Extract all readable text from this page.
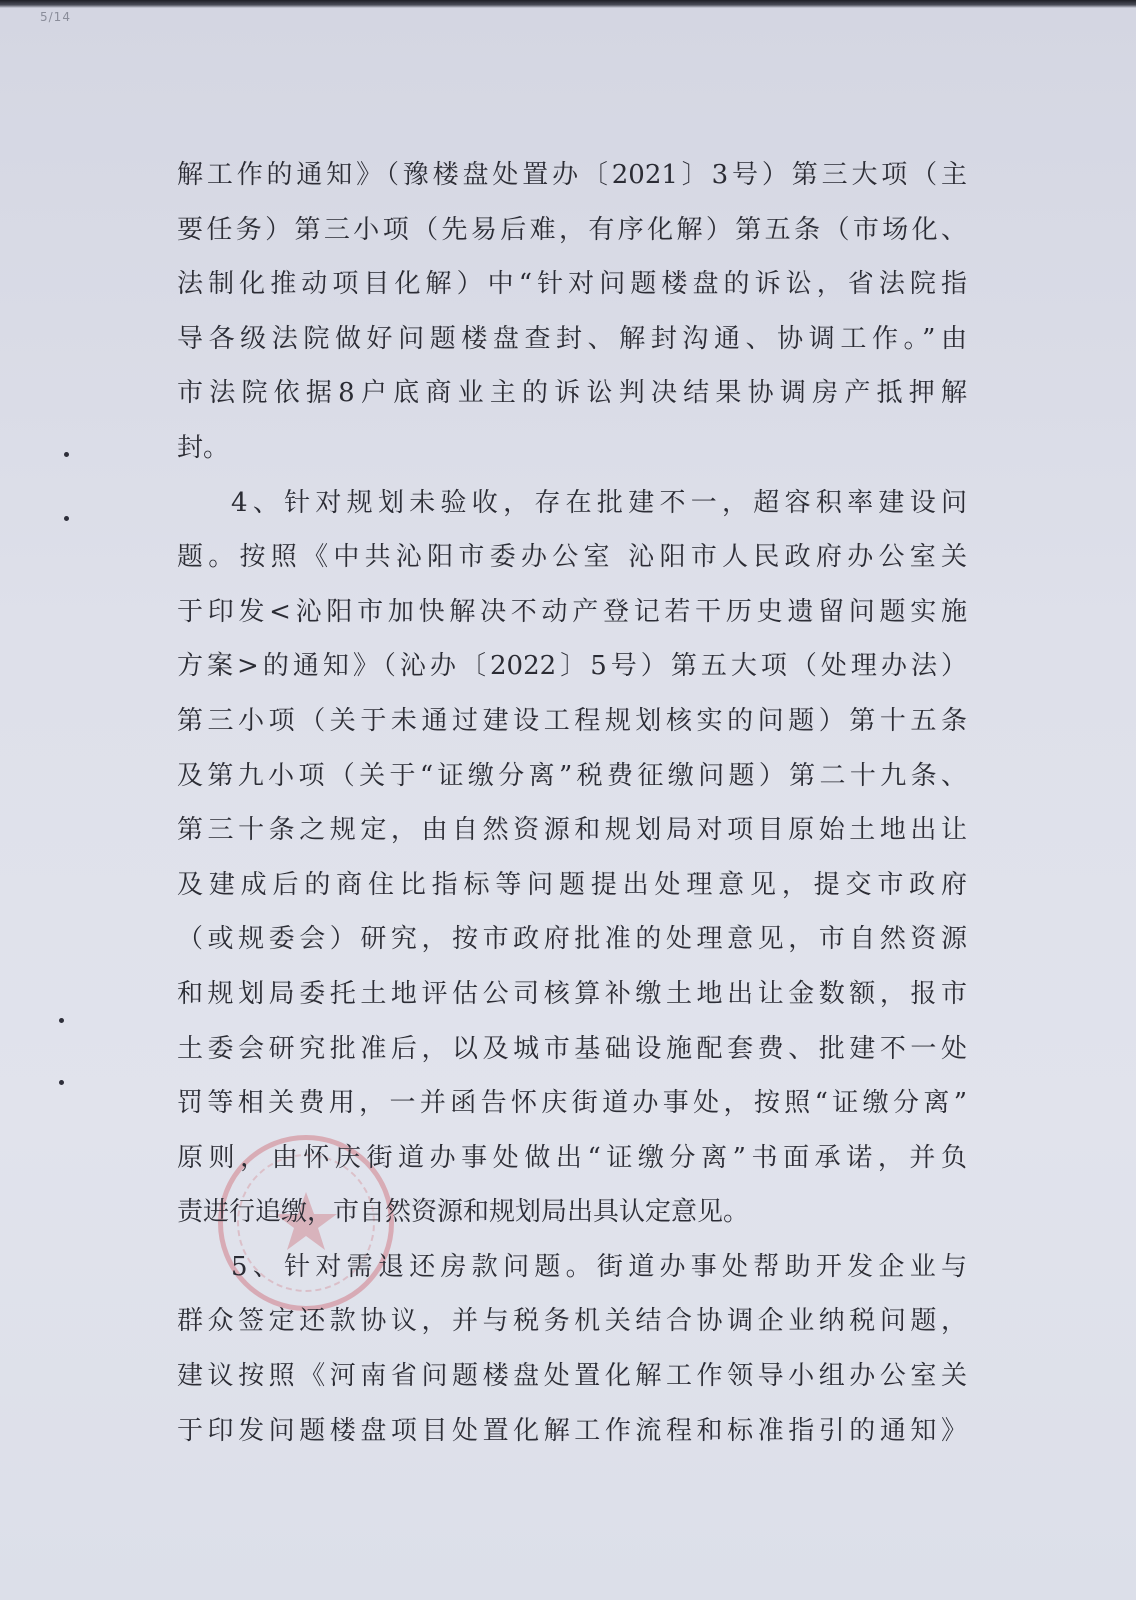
5/14
解工作的通知》（豫楼盘处置办〔2021〕3号）第三大项（主
要任务）第三小项（先易后难，有序化解）第五条（市场化、
法制化推动项目化解）中“针对问题楼盘的诉讼，省法院指
导各级法院做好问题楼盘查封、解封沟通、协调工作。”由
市法院依据8户底商业主的诉讼判决结果协调房产抵押解
封。
4、针对规划未验收，存在批建不一，超容积率建设问
题。按照《中共沁阳市委办公室 沁阳市人民政府办公室关
于印发<沁阳市加快解决不动产登记若干历史遗留问题实施
方案>的通知》（沁办〔2022〕5号）第五大项（处理办法）
第三小项（关于未通过建设工程规划核实的问题）第十五条
及第九小项（关于“证缴分离”税费征缴问题）第二十九条、
第三十条之规定，由自然资源和规划局对项目原始土地出让
及建成后的商住比指标等问题提出处理意见，提交市政府
（或规委会）研究，按市政府批准的处理意见，市自然资源
和规划局委托土地评估公司核算补缴土地出让金数额，报市
土委会研究批准后，以及城市基础设施配套费、批建不一处
罚等相关费用，一并函告怀庆街道办事处，按照“证缴分离”
原则，由怀庆街道办事处做出“证缴分离”书面承诺，并负
责进行追缴，市自然资源和规划局出具认定意见。
5、针对需退还房款问题。街道办事处帮助开发企业与
群众签定还款协议，并与税务机关结合协调企业纳税问题，
建议按照《河南省问题楼盘处置化解工作领导小组办公室关
于印发问题楼盘项目处置化解工作流程和标准指引的通知》
